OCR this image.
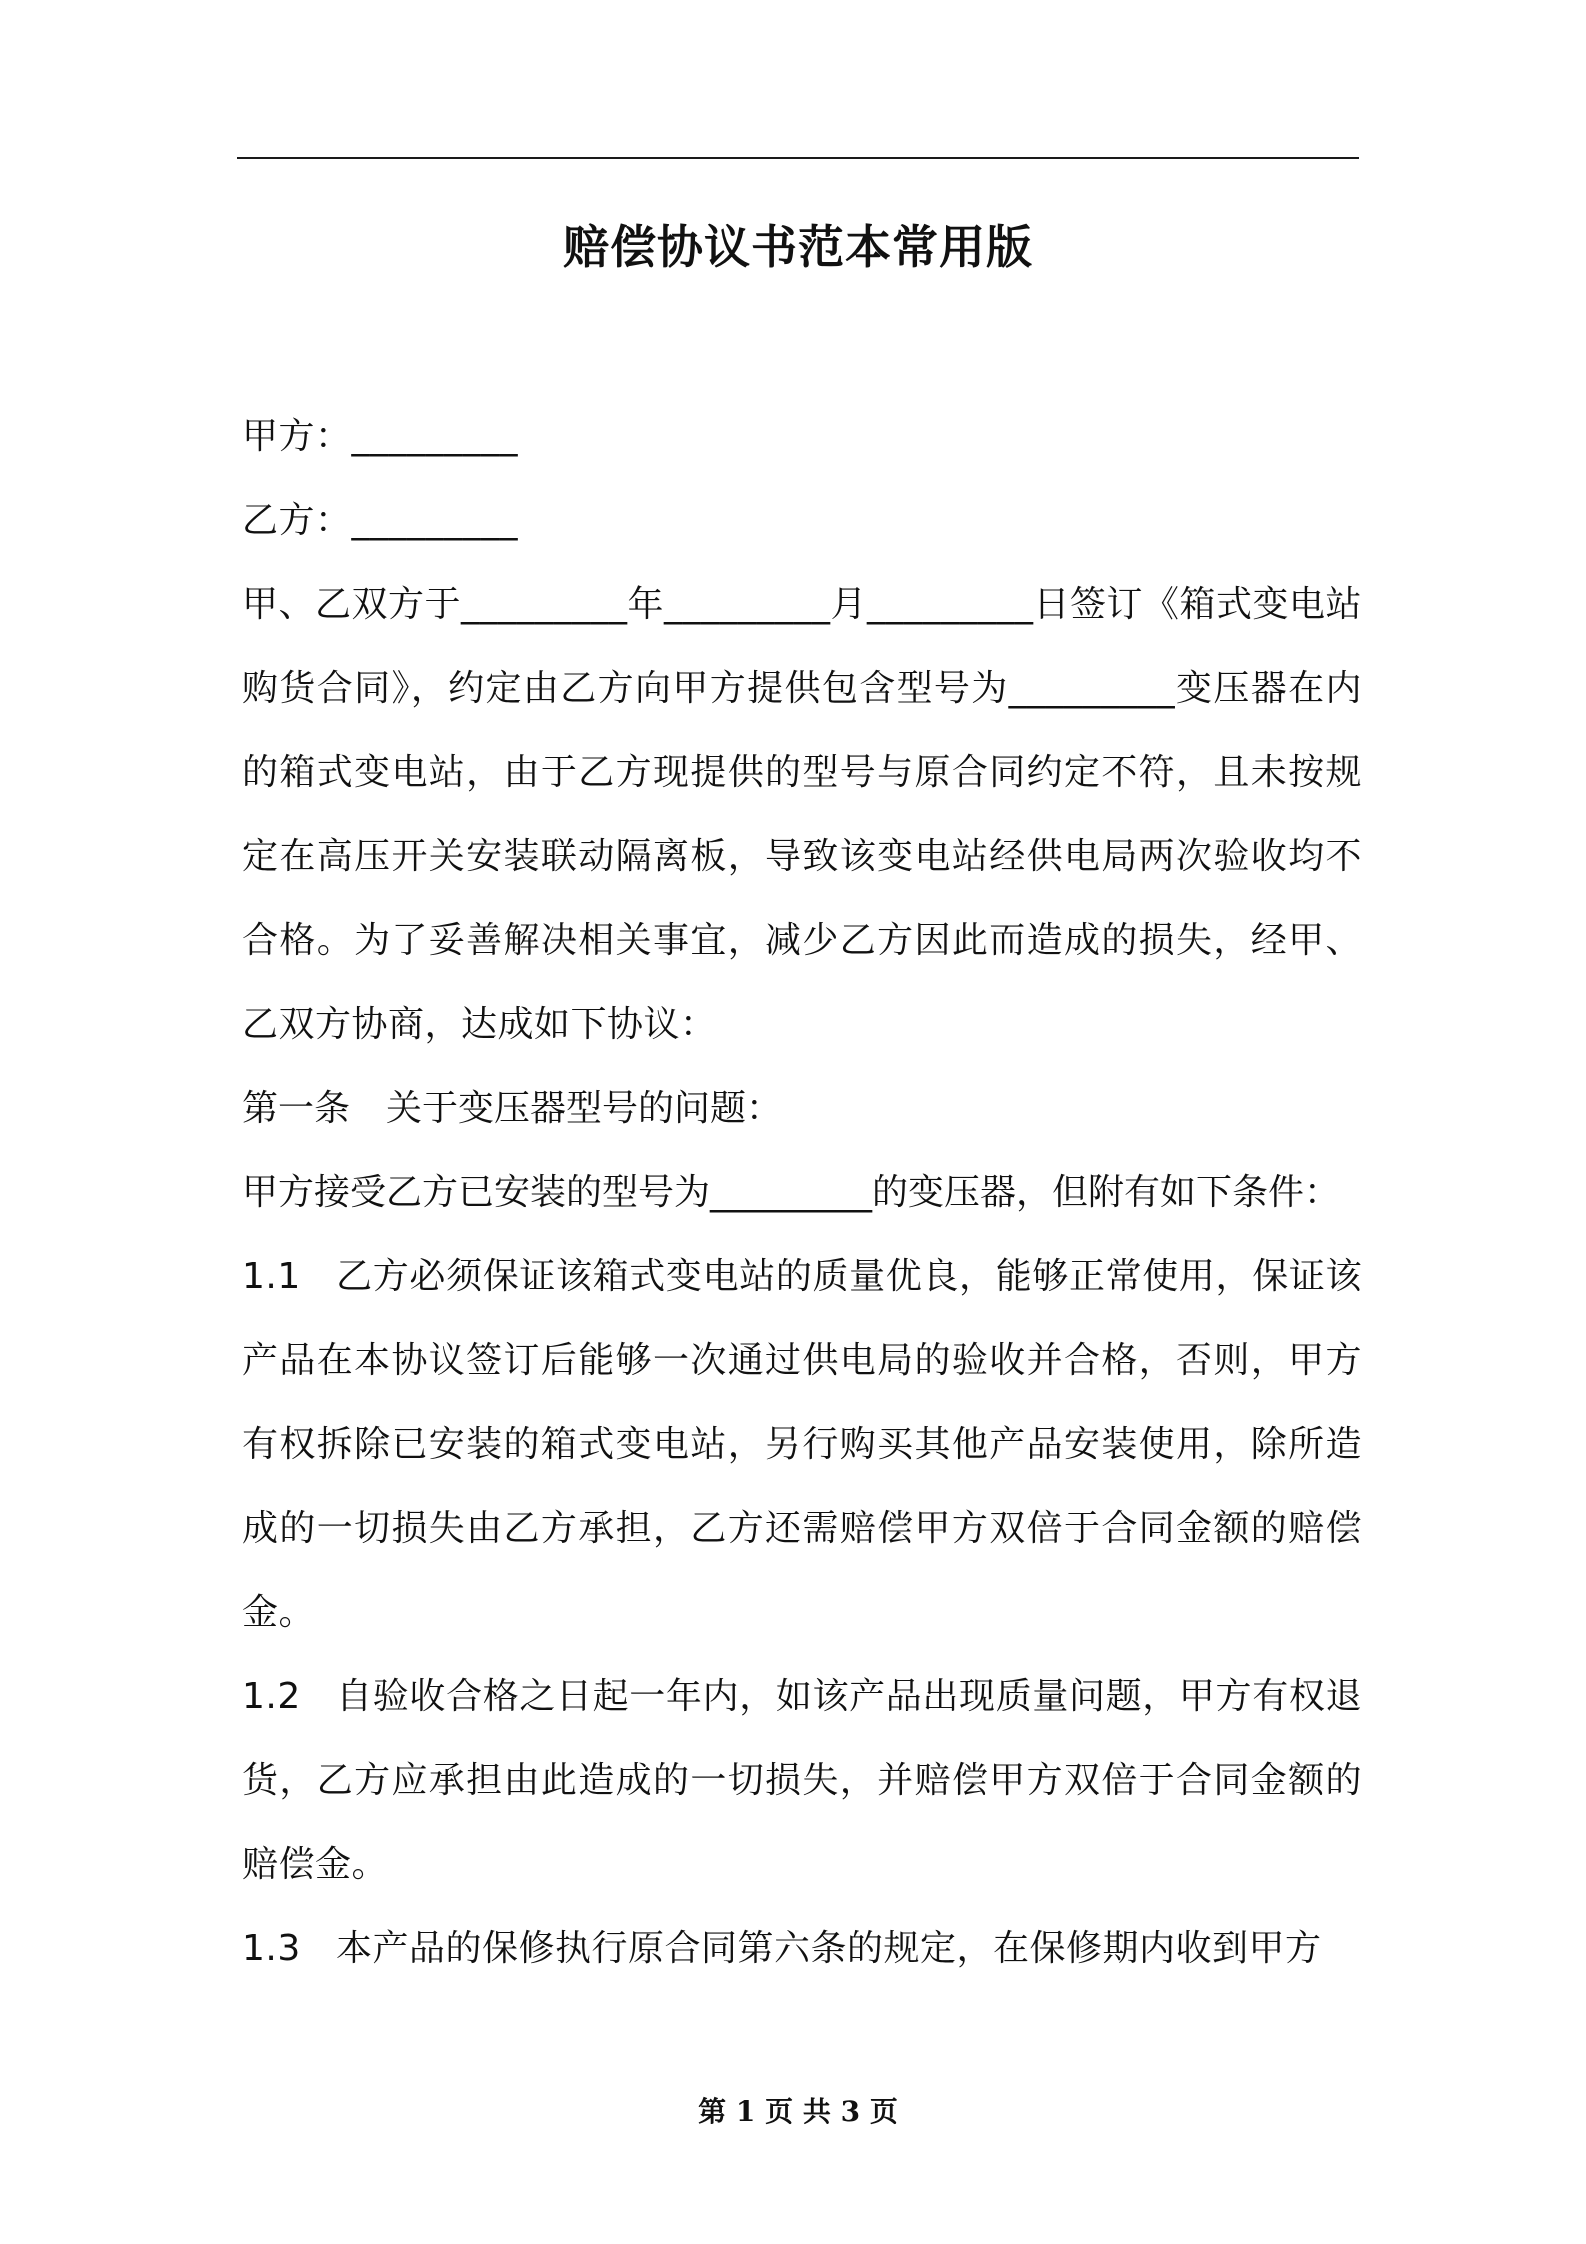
赔偿协议书范本常用版

甲方：_________

乙方：_________

甲、乙双方于_________年_________月_________日签订《箱式变电站购货合同》，约定由乙方向甲方提供包含型号为_________变压器在内的箱式变电站，由于乙方现提供的型号与原合同约定不符，且未按规定在高压开关安装联动隔离板，导致该变电站经供电局两次验收均不合格。为了妥善解决相关事宜，减少乙方因此而造成的损失，经甲、乙双方协商，达成如下协议：

第一条　关于变压器型号的问题：

甲方接受乙方已安装的型号为_________的变压器，但附有如下条件：

1.1 乙方必须保证该箱式变电站的质量优良，能够正常使用，保证该产品在本协议签订后能够一次通过供电局的验收并合格，否则，甲方有权拆除已安装的箱式变电站，另行购买其他产品安装使用，除所造成的一切损失由乙方承担，乙方还需赔偿甲方双倍于合同金额的赔偿金。

1.2 自验收合格之日起一年内，如该产品出现质量问题，甲方有权退货，乙方应承担由此造成的一切损失，并赔偿甲方双倍于合同金额的赔偿金。

1.3 本产品的保修执行原合同第六条的规定，在保修期内收到甲方

第 1 页 共 3 页
